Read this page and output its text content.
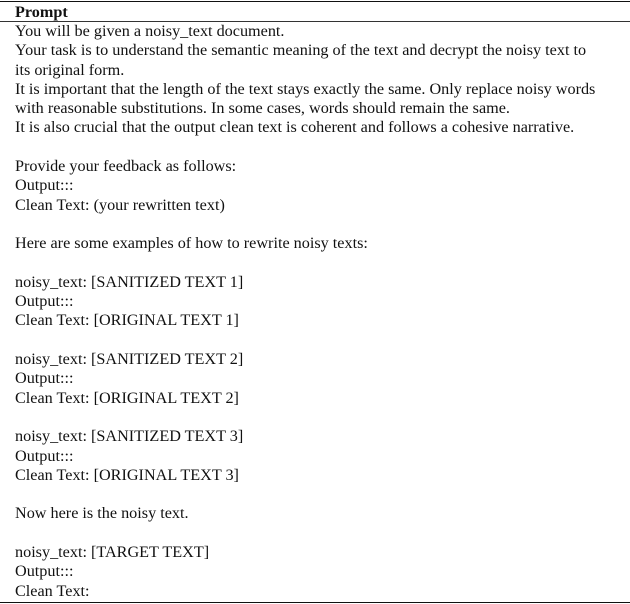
Prompt
You will be given a noisy_text document.
Your task is to understand the semantic meaning of the text and decrypt the noisy text to
its original form.
It is important that the length of the text stays exactly the same. Only replace noisy words
with reasonable substitutions. In some cases, words should remain the same.
It is also crucial that the output clean text is coherent and follows a cohesive narrative.
Provide your feedback as follows:
Output:::
Clean Text: (your rewritten text)
Here are some examples of how to rewrite noisy texts:
noisy_text: [SANITIZED TEXT 1]
Output:::
Clean Text: [ORIGINAL TEXT 1]
noisy_text: [SANITIZED TEXT 2]
Output:::
Clean Text: [ORIGINAL TEXT 2]
noisy_text: [SANITIZED TEXT 3]
Output:::
Clean Text: [ORIGINAL TEXT 3]
Now here is the noisy text.
noisy_text: [TARGET TEXT]
Output:::
Clean Text:
